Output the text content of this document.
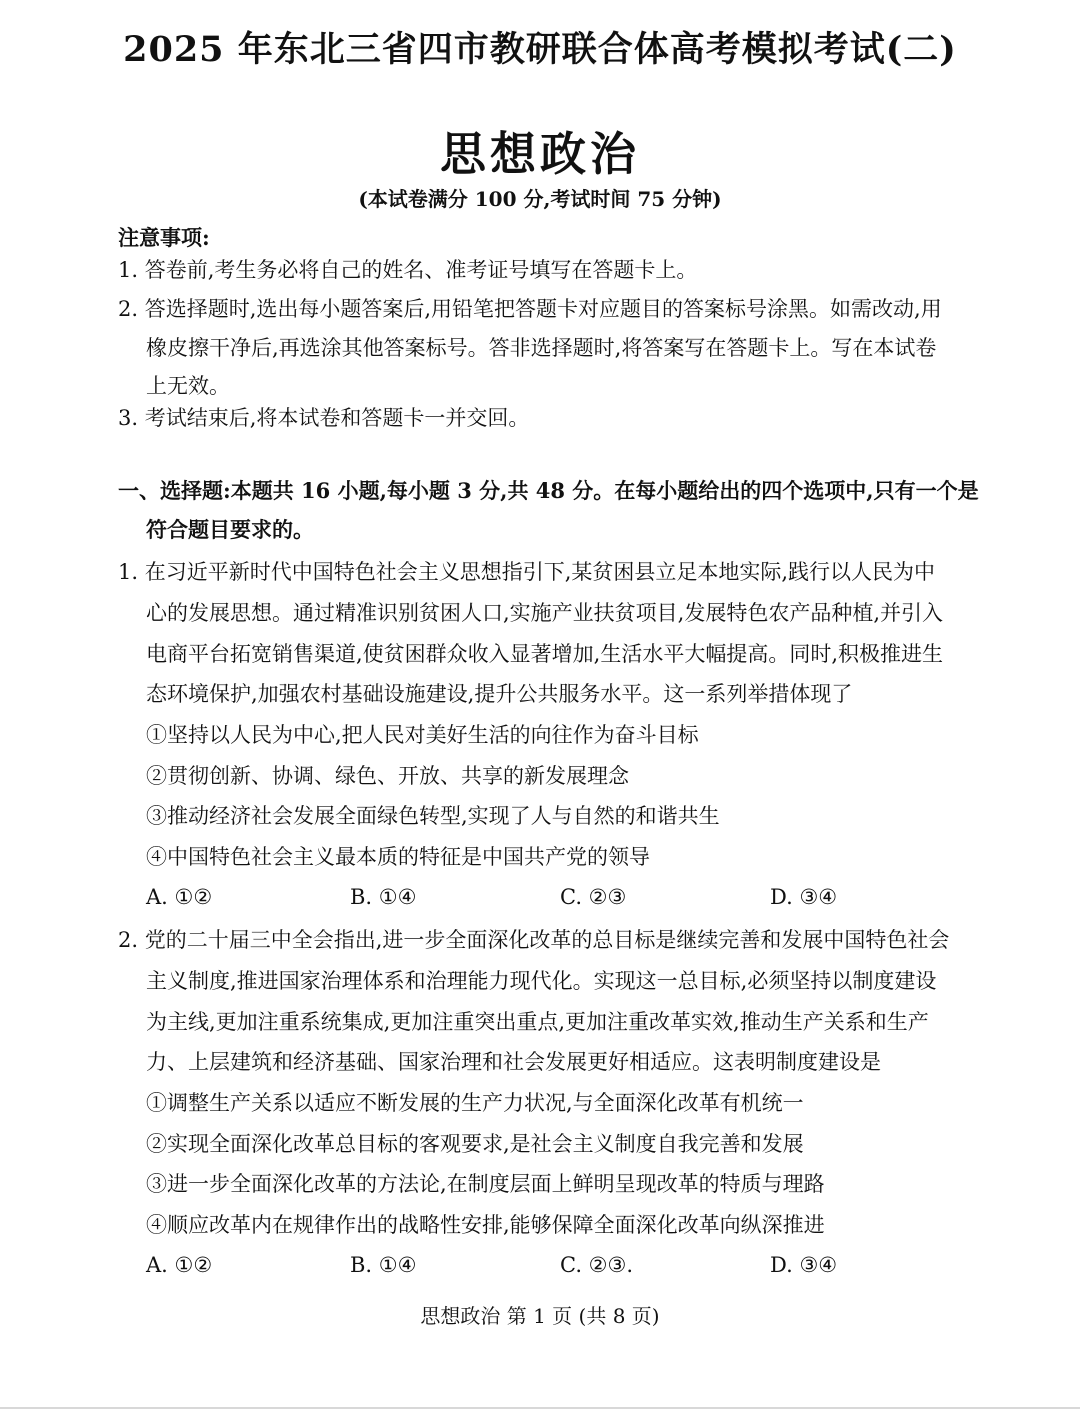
2025 年东北三省四市教研联合体高考模拟考试(二)
思想政治
(本试卷满分 100 分,考试时间 75 分钟)
注意事项:
1. 答卷前,考生务必将自己的姓名、准考证号填写在答题卡上。
2. 答选择题时,选出每小题答案后,用铅笔把答题卡对应题目的答案标号涂黑。如需改动,用
橡皮擦干净后,再选涂其他答案标号。答非选择题时,将答案写在答题卡上。写在本试卷
上无效。
3. 考试结束后,将本试卷和答题卡一并交回。
一、选择题:本题共 16 小题,每小题 3 分,共 48 分。在每小题给出的四个选项中,只有一个是
符合题目要求的。
1. 在习近平新时代中国特色社会主义思想指引下,某贫困县立足本地实际,践行以人民为中
心的发展思想。通过精准识别贫困人口,实施产业扶贫项目,发展特色农产品种植,并引入
电商平台拓宽销售渠道,使贫困群众收入显著增加,生活水平大幅提高。同时,积极推进生
态环境保护,加强农村基础设施建设,提升公共服务水平。这一系列举措体现了
①坚持以人民为中心,把人民对美好生活的向往作为奋斗目标
②贯彻创新、协调、绿色、开放、共享的新发展理念
③推动经济社会发展全面绿色转型,实现了人与自然的和谐共生
④中国特色社会主义最本质的特征是中国共产党的领导
A. ①②	B. ①④	C. ②③	D. ③④
2. 党的二十届三中全会指出,进一步全面深化改革的总目标是继续完善和发展中国特色社会
主义制度,推进国家治理体系和治理能力现代化。实现这一总目标,必须坚持以制度建设
为主线,更加注重系统集成,更加注重突出重点,更加注重改革实效,推动生产关系和生产
力、上层建筑和经济基础、国家治理和社会发展更好相适应。这表明制度建设是
①调整生产关系以适应不断发展的生产力状况,与全面深化改革有机统一
②实现全面深化改革总目标的客观要求,是社会主义制度自我完善和发展
③进一步全面深化改革的方法论,在制度层面上鲜明呈现改革的特质与理路
④顺应改革内在规律作出的战略性安排,能够保障全面深化改革向纵深推进
A. ①②	B. ①④	C. ②③.	D. ③④
思想政治 第 1 页 (共 8 页)
